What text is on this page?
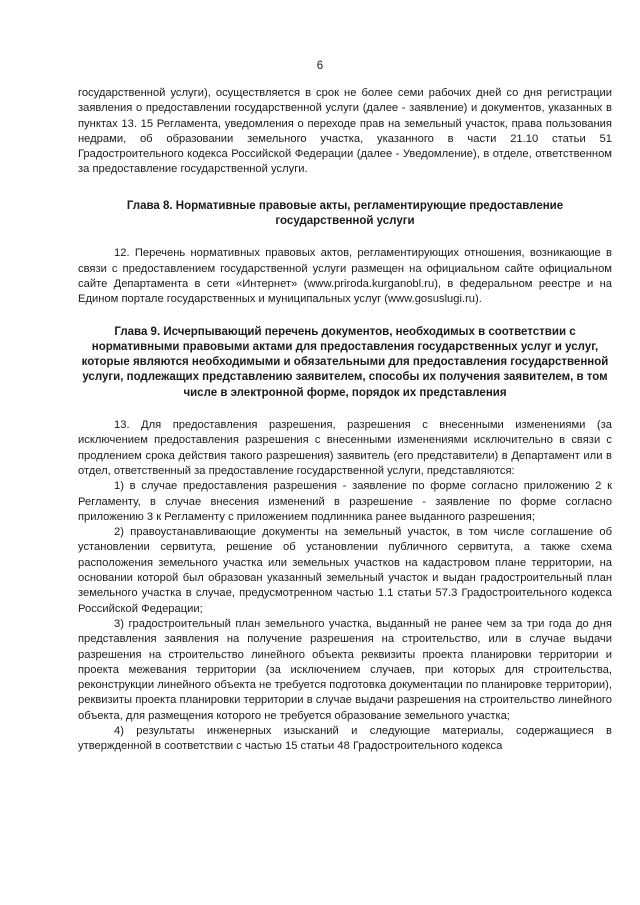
6

государственной услуги), осуществляется в срок не более семи рабочих дней со дня регистрации заявления о предоставлении государственной услуги (далее - заявление) и документов, указанных в пунктах 13. 15 Регламента, уведомления о переходе прав на земельный участок, права пользования недрами, об образовании земельного участка, указанного в части 21.10 статьи 51 Градостроительного кодекса Российской Федерации (далее - Уведомление), в отделе, ответственном за предоставление государственной услуги.

Глава 8. Нормативные правовые акты, регламентирующие предоставление государственной услуги

12. Перечень нормативных правовых актов, регламентирующих отношения, возникающие в связи с предоставлением государственной услуги размещен на официальном сайте официальном сайте Департамента в сети «Интернет» (www.priroda.kurganobl.ru), в федеральном реестре и на Едином портале государственных и муниципальных услуг (www.gosuslugi.ru).

Глава 9. Исчерпывающий перечень документов, необходимых в соответствии с нормативными правовыми актами для предоставления государственных услуг и услуг, которые являются необходимыми и обязательными для предоставления государственной услуги, подлежащих представлению заявителем, способы их получения заявителем, в том числе в электронной форме, порядок их представления

13. Для предоставления разрешения, разрешения с внесенными изменениями (за исключением предоставления разрешения с внесенными изменениями исключительно в связи с продлением срока действия такого разрешения) заявитель (его представители) в Департамент или в отдел, ответственный за предоставление государственной услуги, представляются:

1) в случае предоставления разрешения - заявление по форме согласно приложению 2 к Регламенту, в случае внесения изменений в разрешение - заявление по форме согласно приложению 3 к Регламенту с приложением подлинника ранее выданного разрешения;

2) правоустанавливающие документы на земельный участок, в том числе соглашение об установлении сервитута, решение об установлении публичного сервитута, а также схема расположения земельного участка или земельных участков на кадастровом плане территории, на основании которой был образован указанный земельный участок и выдан градостроительный план земельного участка в случае, предусмотренном частью 1.1 статьи 57.3 Градостроительного кодекса Российской Федерации;

3) градостроительный план земельного участка, выданный не ранее чем за три года до дня представления заявления на получение разрешения на строительство, или в случае выдачи разрешения на строительство линейного объекта реквизиты проекта планировки территории и проекта межевания территории (за исключением случаев, при которых для строительства, реконструкции линейного объекта не требуется подготовка документации по планировке территории), реквизиты проекта планировки территории в случае выдачи разрешения на строительство линейного объекта, для размещения которого не требуется образование земельного участка;

4) результаты инженерных изысканий и следующие материалы, содержащиеся в утвержденной в соответствии с частью 15 статьи 48 Градостроительного кодекса
